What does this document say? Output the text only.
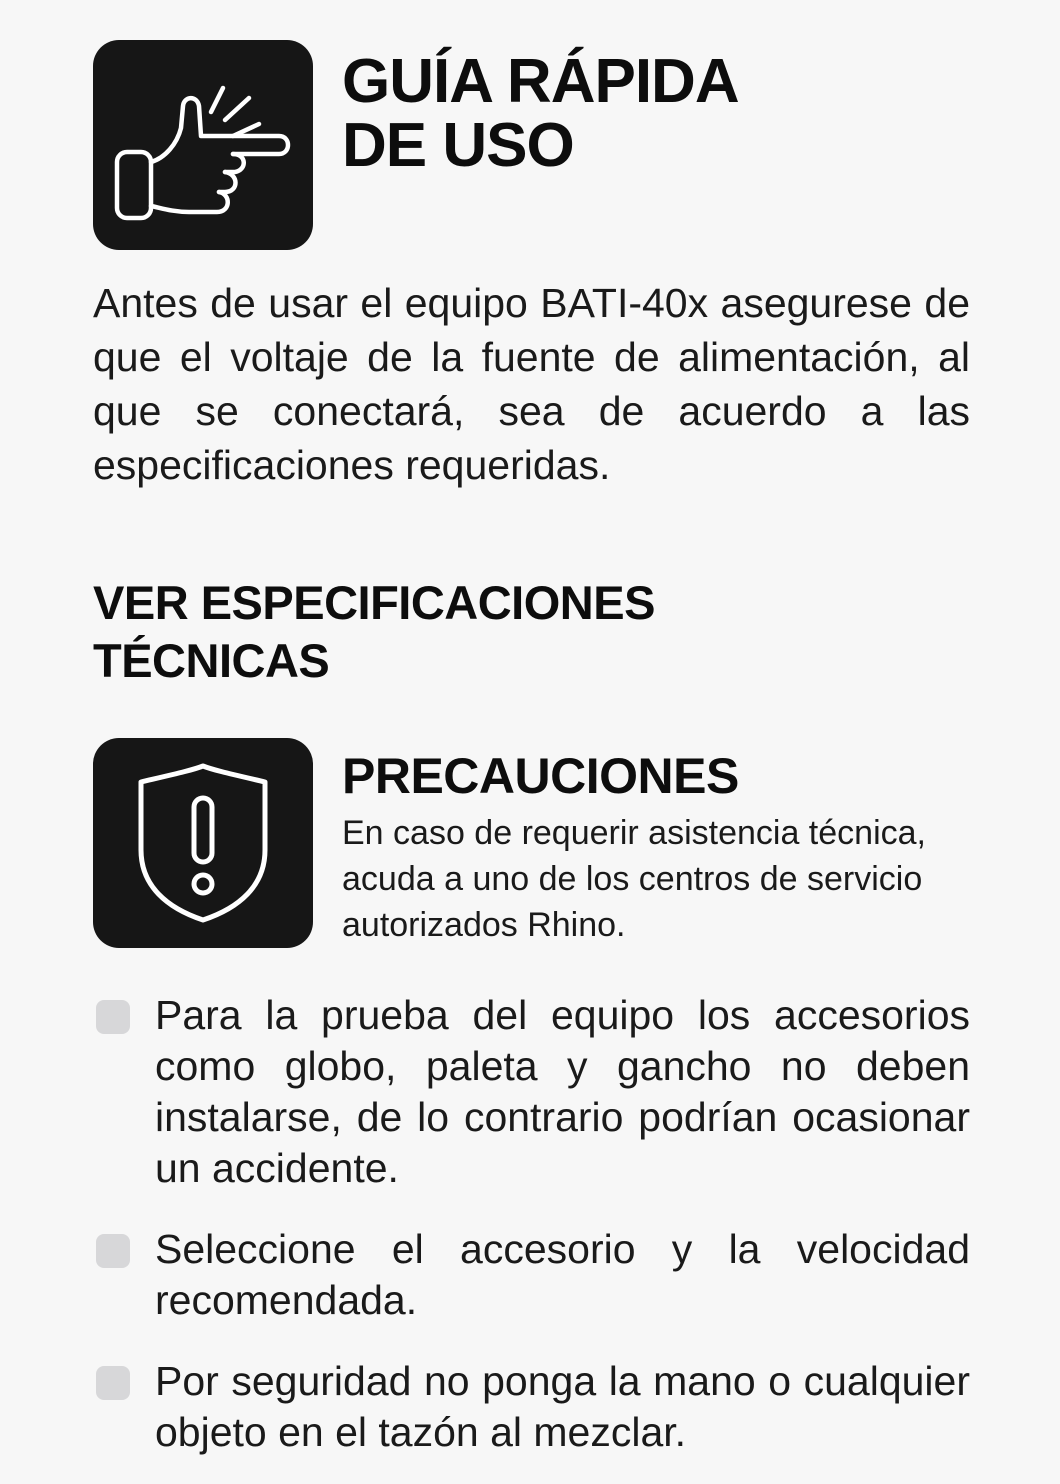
GUÍA RÁPIDA
DE USO

Antes de usar el equipo BATI-40x asegurese de que el voltaje de la fuente de alimentación, al que se conectará, sea de acuerdo a las especificaciones requeridas.

VER ESPECIFICACIONES
TÉCNICAS
PRECAUCIONES

En caso de requerir asistencia técnica, acuda a uno de los centros de servicio autorizados Rhino.

Para la prueba del equipo los accesorios como globo, paleta y gancho no deben instalarse, de lo contrario podrían ocasionar un accidente.

Seleccione el accesorio y la velocidad recomendada.

Por seguridad no ponga la mano o cualquier objeto en el tazón al mezclar.
